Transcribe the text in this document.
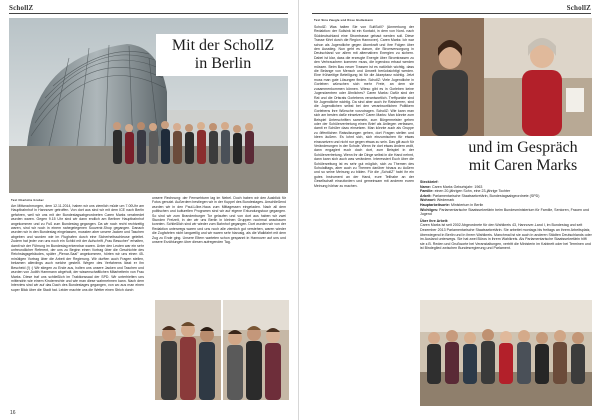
SchollZ
Mit der SchollZ
in Berlin
Text Charlotte Gruber

Am Mittwochmorgen, dem 12.11.2014, haben wir uns ziemlich müde um 7.00Uhr am Hauptbahnhof in Hannover getroffen. Von dort aus sind wir mit dem ICE nach Berlin gefahren, weil wir uns mit der Bundestagsabgeordneten Caren Marks verabredet wurden waren. Gegen 9.15 Uhr sind wir dann endlich am Berliner Hauptbahnhof angekommen und zu Fuß zum Bundestag gegangen. Da wir noch recht rechtzeitig waren, sind wir noch in einem nahegelegenen Souvenir-Shop gegangen. Danach wurden wir in den Bundestag eingelassen, mussten aber unsere Jacken und Taschen abgeben und wurden wie im Flughafen durch eine Sicherheitsschleuse geleitet. Zudem hat jeder von uns noch ein Schild mit der Aufschrift „Frau Besucher" erhalten, damit wir der Führung im Bundestag erkennbar waren. Unter den Leuten war ein sehr unfreundlicher Referent, der uns zu Beginn einen Vortrag über die Geschichte des Reichstagsgebäudes, später „Plenar-Saal" angekommen, hörten wir uns einen 45-minütigen Vortrag über die Arbeit der Regierung. Wir durften auch Fragen stellen, bekamen allerdings auch welche gestellt. Wegen des Verfahrens lässt er ihn Bescheid (!) :) Wir stiegen zu Ende aus, holten uns unsere Jacken und Taschen und wurden von Judith Hammann abgeholt, der wissenschaftlichen Mitarbeiterin von Frau Marks. Diese traf uns schließlich im Traktionssaal der SPD. Wir unterhielten uns mittendrin wie einem Kinderrechte und wie man diese wahrnehmen kann. Nach dem Interview sind wir auf das Dach des Bundestages gegangen, von wo aus man einen super Blick über die Stadt hat. Leider machte uns die Wetter einen Strich durch

unsere Rechnung: der Fernsehturm lag im Nebel. Doch haben wir den Ausblick für Fotos genutzt. Außerdem bestiegen wir in der Kuppel des Bundestages. Anschließend wurden wir in den Paul-Löbe-Haus zum Mittagessen eingeladen. Nach all dem politischen und kulturellen Programm sind wir auf eigene Erkundungstour gegangen. So sind wir zum Brandenburger Tor gelaufen und von dort aus haben wir zwei Stunden Freizeit, in der wir uns Berlin in kleinen Gruppen nochmal anschauen konnten. Schließlich sind wir wieder zum Bahnhof gegangen. Dort wurden wir von der Redaktion unterwegs waren und uns noch alle ziemlich gut verstehen, waren wieder die Zugfahrten nicht langweilig und wir waren sehr hiarusig, als die Walkfahrt mit dem Zug zu Ende ging. Unsere Eltern warteten schon gespannt in Hannover auf uns und unsere Erzählungen über diesen aufregenden Tag.

16
SchollZ
Text Sina Zwegle und Rose Gießemann

SchollZ: Was halten Sie von SuitScill? (Anmerkung der Redaktion: der Sullsink ist ein Kontakt, in dem von Nord- nach Süddeutschland eine Stromtrasse gebaut werden soll. Diese Trasse führt durch die Region Hannover). Caren Marks: Ich war schon als Jugendliche gegen Atomkraft und ihre Folgen über den Ausstieg. Nun geht es darum, die Stromversorgung in Deutschland vor allem mit alternativen Energien zu sichern. Dabei ist klar, dass die erzeugte Energie über Stromtrassen zu den Verbrauchern kommen muss, die irgendwo erbaut werden müssen. Beim Bau neuer Trassen ist es natürlich wichtig, dass die Belange von Mensch und Umwelt berücksichtigt werden. Eine frühzeitige Beteiligung ist für die Akzeptanz wichtig. Jetzt muss man gute Lösungen finden. SchollZ: Viele Jugendliche in Gorleben wünschen sich mehr Freie, an dem sie zusammenkommen können. Wieso gibt es in Gorleben keine Jugendzentren oder Ähnliches? Caren Marks: Dafür sind der Rat und die Ortsrats Gorlebens verantwortlich. Treffpunkte sind für Jugendliche wichtig. Da sind aber auch ihr Ratsherren, sind die Jugendlichen selbst bei den verantwortlichen Politikern Gorlebens ihre Wünsche vorzutragen. SchollZ: Wie kann man sich am besten dafür einsetzen? Caren Marks: Man könnte zum Beispiel Unterschriften sammeln, zum Bürgermeister gehen oder der Schülervertretung einen Brief als Anliegen verfassen, damit er Schüler dazu einsetzen. Man könnte auch als Gruppe zu öffentlichen Ratssitzungen gehen, dort Fragen stellen und Ideen äußern. Es lohnt sich, sich einzumischen für etwas einzusetzen und nicht nur gegen etwas zu sein. Das gilt auch für Veränderungen in der Schule. Wenn ihr dort etwas ändern wollt, dann engagiert euch doch dort, zum Beispiel in der Schülervertretung. Wenn ihr die Dinge selbst in die Hand nehmt, dann kann sich auch was verändern. Interessiert Euch über die Schülerzeitung ist es sehr gut möglich, sich zu Themen des Schulalltags, aber auch zu Themen darüber hinaus zu äußern und so seine Meinung zu bilden. Für die „SchollZ" habt ihr ein gutes Instrument an der Hand, eure Teilhabe an der Gesellschaft einzufordern und gemeinsam mit anderen euren Meinung hörbar zu machen.

und im Gespräch
mit Caren Marks
Steckbrief:
Name: Caren Marks Geburtsjahr: 1963
Familie: einen 20-jährigen Sohn, eine 23-jährige Tochter
Arbeit: Parlamentarische Staatssekretärin, Bundestagsabgeordnete (SPD)
Wohnort: Wedemark
Hauptarbeitsorte: Ministerium in Berlin
Wichtiges: Parlamentarische Staatssekretärin beim Bundesministerium für Familie, Senioren, Frauen und Jugend
Über ihre Arbeit:
Caren Marks ist seit 2002 Abgeordnete für den Wahlkreis 43, Hannover-Land I, im Bundestag und seit Dezember 2013 Parlamentarische Staatssekretärin. Sie arbeitet montags bis freitags an ihrem Arbeitsplatz, überwiegend in Berlin und in ihrem Wahlkreis. Manchmal ist sie auch in anderen Städten Deutschlands oder im Ausland unterwegs. Sie hat zwei Büros in ihrem Wahlkreis. Als Parlamentarische Staatssekretärin hilft sie z.B. Reden und Grußworte bei Veranstaltungen, vertritt die Ministerin im Kabinett oder bei Terminen und ist Bindeglied zwischen Bundesregierung und Parlament.
